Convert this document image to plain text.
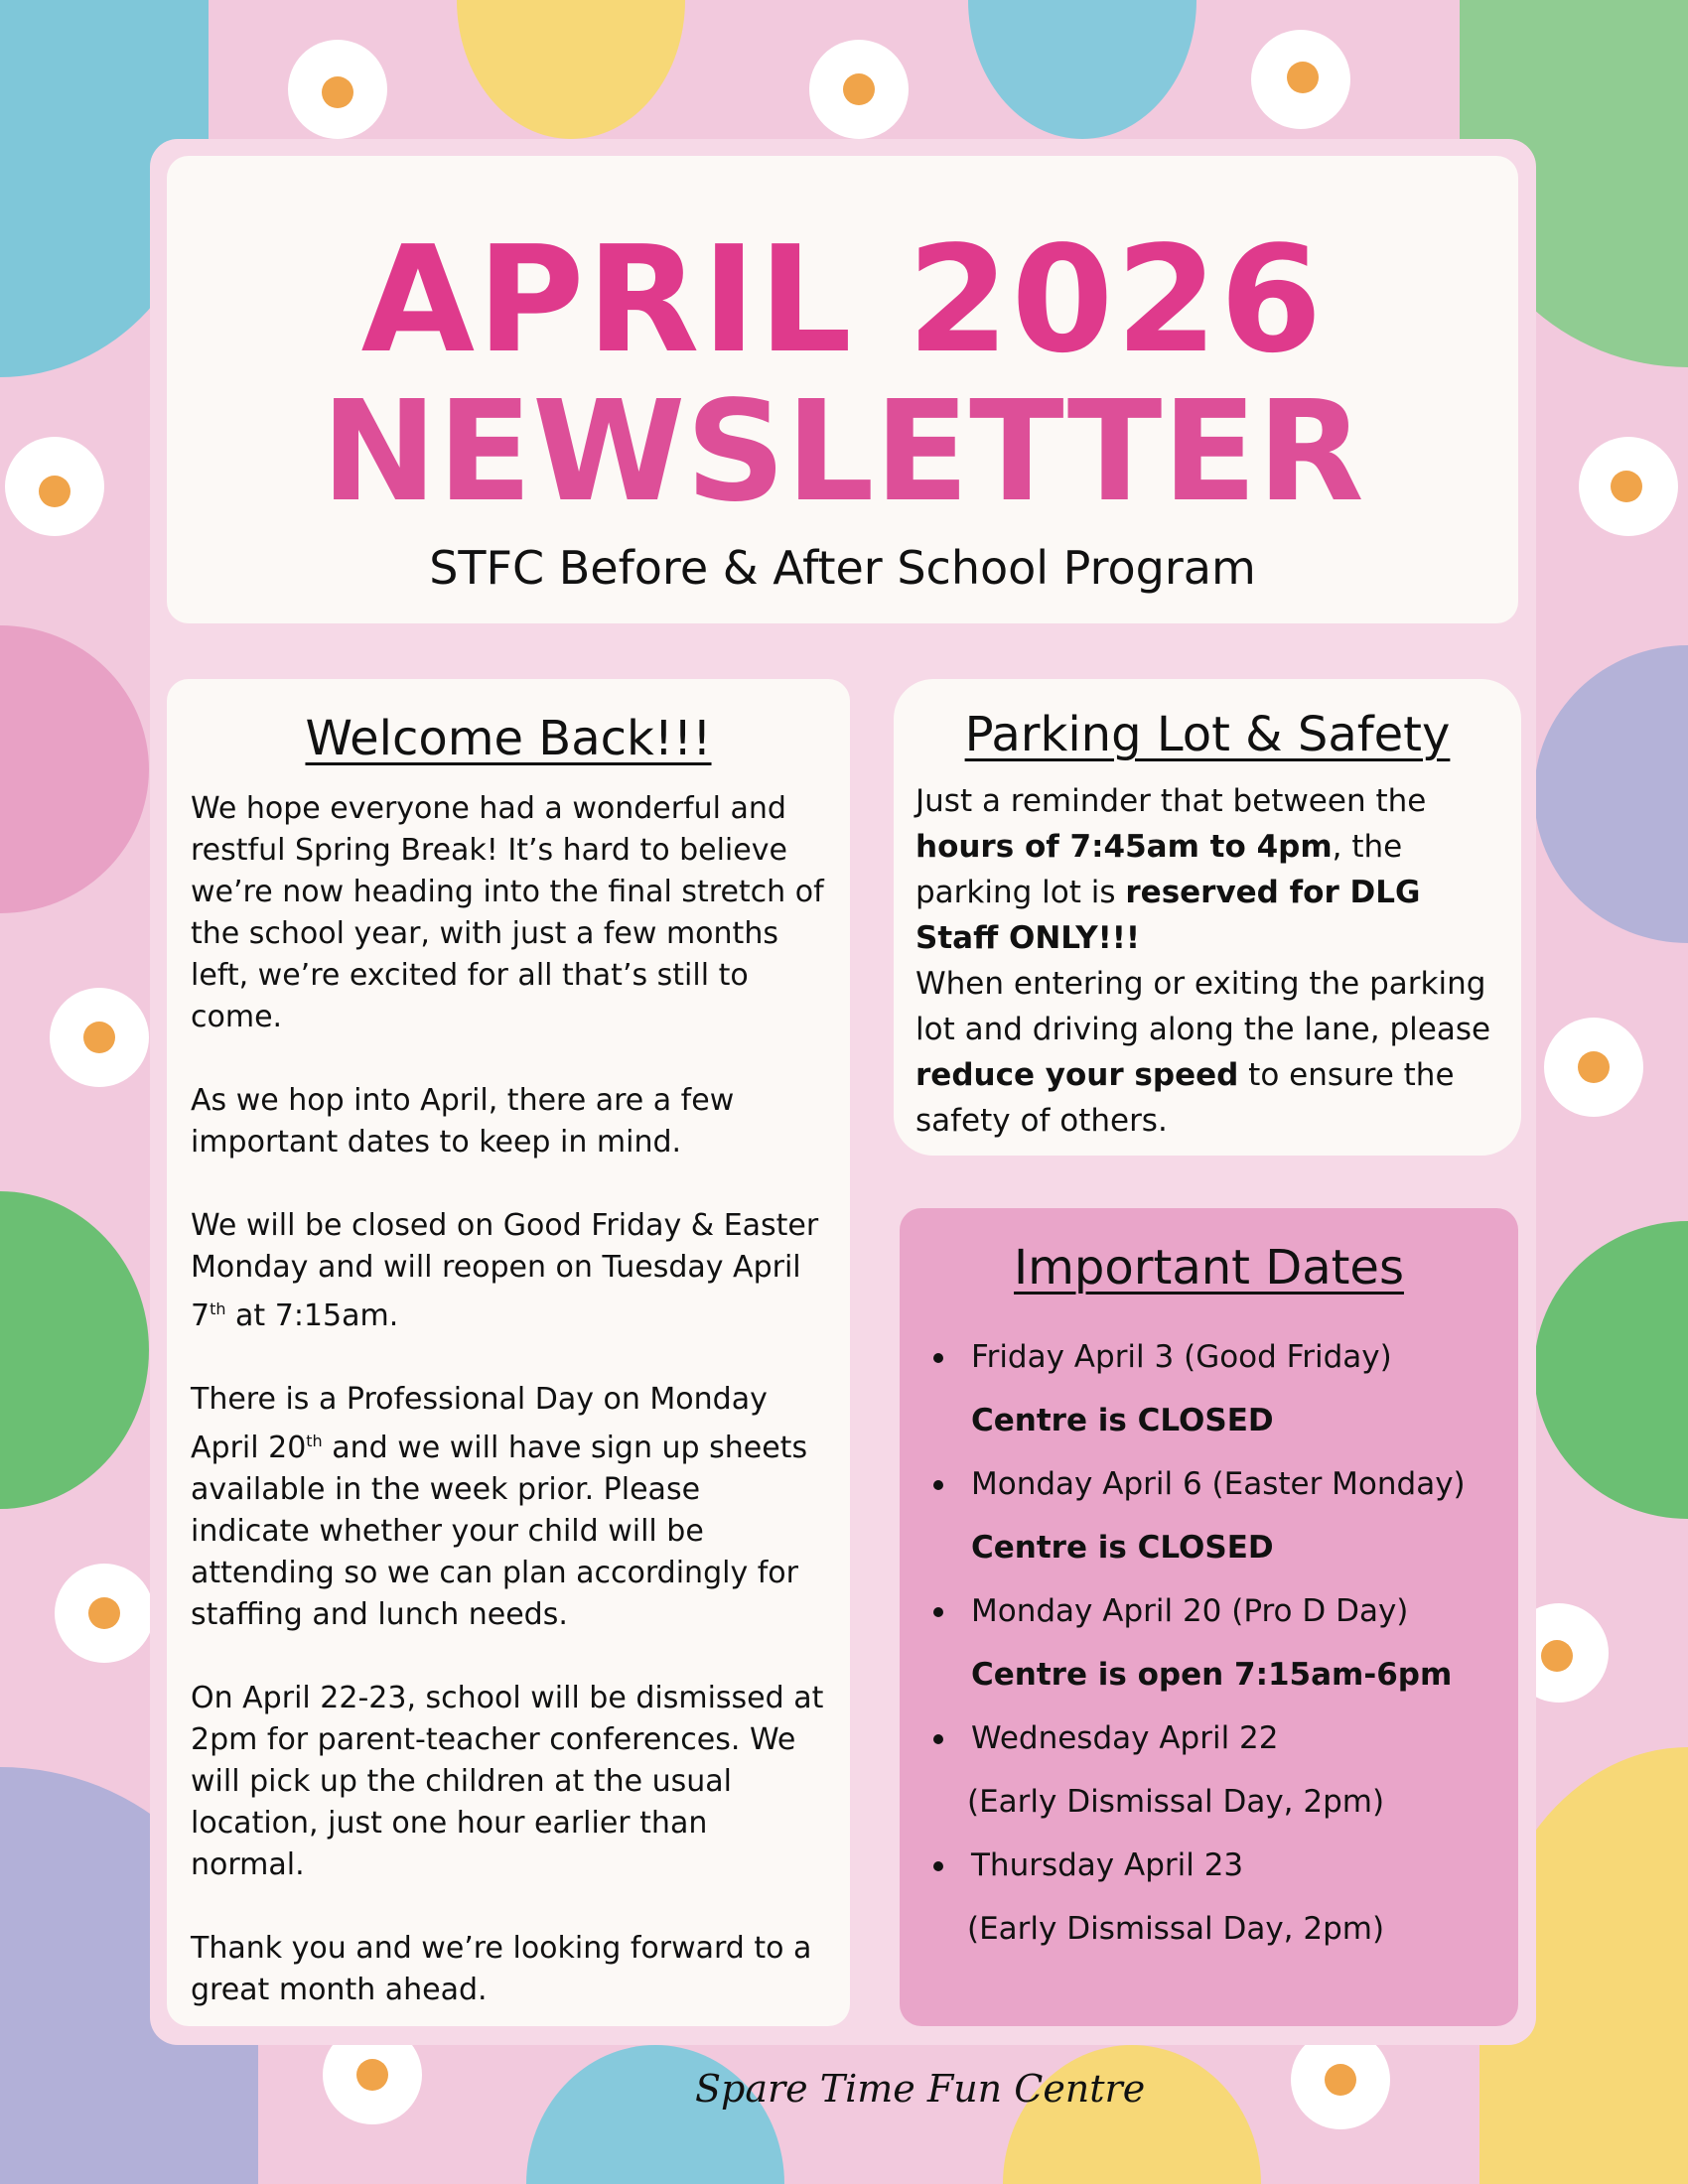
APRIL 2026
NEWSLETTER
STFC Before & After School Program
Welcome Back!!!

We hope everyone had a wonderful and restful Spring Break! It’s hard to believe we’re now heading into the final stretch of the school year, with just a few months left, we’re excited for all that’s still to come.

As we hop into April, there are a few important dates to keep in mind.

We will be closed on Good Friday & Easter Monday and will reopen on Tuesday April 7th at 7:15am.

There is a Professional Day on Monday April 20th and we will have sign up sheets available in the week prior. Please indicate whether your child will be attending so we can plan accordingly for staffing and lunch needs.

On April 22-23, school will be dismissed at 2pm for parent-teacher conferences. We will pick up the children at the usual location, just one hour earlier than normal.

Thank you and we’re looking forward to a great month ahead.

Parking Lot & Safety

Just a reminder that between the hours of 7:45am to 4pm, the parking lot is reserved for DLG Staff ONLY!!!
When entering or exiting the parking lot and driving along the lane, please reduce your speed to ensure the safety of others.

Important Dates
Friday April 3 (Good Friday)
Centre is CLOSED
Monday April 6 (Easter Monday)
Centre is CLOSED
Monday April 20 (Pro D Day)
Centre is open 7:15am-6pm
Wednesday April 22
(Early Dismissal Day, 2pm)
Thursday April 23
(Early Dismissal Day, 2pm)
Spare Time Fun Centre
